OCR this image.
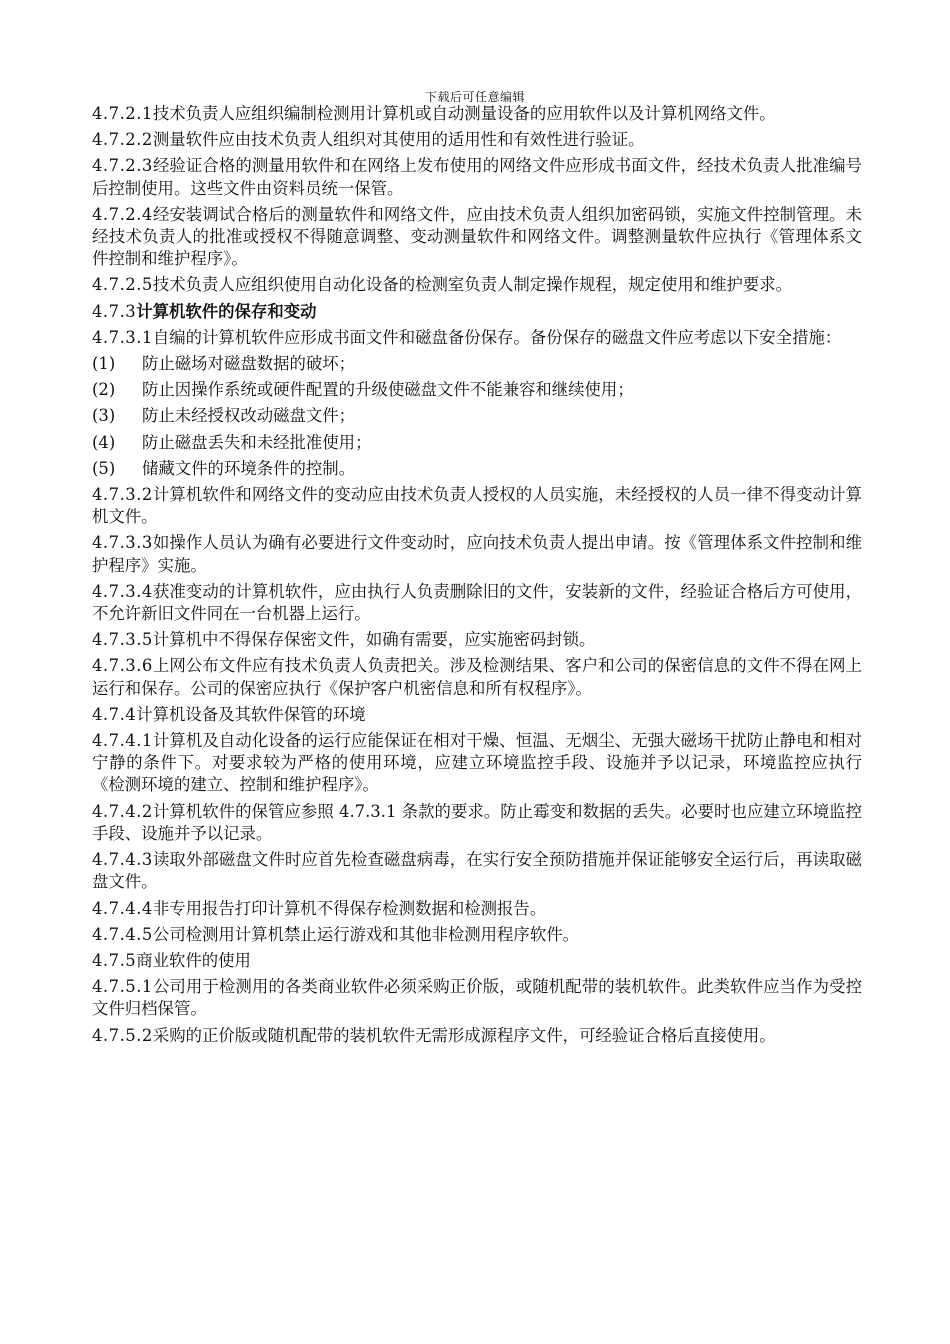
下载后可任意编辑

4.7.2.1技术负责人应组织编制检测用计算机或自动测量设备的应用软件以及计算机网络文件。

4.7.2.2测量软件应由技术负责人组织对其使用的适用性和有效性进行验证。

4.7.2.3经验证合格的测量用软件和在网络上发布使用的网络文件应形成书面文件，经技术负责人批准编号后控制使用。这些文件由资料员统一保管。

4.7.2.4经安装调试合格后的测量软件和网络文件，应由技术负责人组织加密码锁，实施文件控制管理。未经技术负责人的批准或授权不得随意调整、变动测量软件和网络文件。调整测量软件应执行《管理体系文件控制和维护程序》。

4.7.2.5技术负责人应组织使用自动化设备的检测室负责人制定操作规程，规定使用和维护要求。

4.7.3计算机软件的保存和变动

4.7.3.1自编的计算机软件应形成书面文件和磁盘备份保存。备份保存的磁盘文件应考虑以下安全措施：

(1)	防止磁场对磁盘数据的破坏；
(2)	防止因操作系统或硬件配置的升级使磁盘文件不能兼容和继续使用；
(3)	防止未经授权改动磁盘文件；
(4)	防止磁盘丢失和未经批准使用；
(5)	储藏文件的环境条件的控制。

4.7.3.2计算机软件和网络文件的变动应由技术负责人授权的人员实施，未经授权的人员一律不得变动计算机文件。

4.7.3.3如操作人员认为确有必要进行文件变动时，应向技术负责人提出申请。按《管理体系文件控制和维护程序》实施。

4.7.3.4获准变动的计算机软件，应由执行人负责删除旧的文件，安装新的文件，经验证合格后方可使用，不允许新旧文件同在一台机器上运行。

4.7.3.5计算机中不得保存保密文件，如确有需要，应实施密码封锁。

4.7.3.6上网公布文件应有技术负责人负责把关。涉及检测结果、客户和公司的保密信息的文件不得在网上运行和保存。公司的保密应执行《保护客户机密信息和所有权程序》。

4.7.4计算机设备及其软件保管的环境

4.7.4.1计算机及自动化设备的运行应能保证在相对干燥、恒温、无烟尘、无强大磁场干扰防止静电和相对宁静的条件下。对要求较为严格的使用环境，应建立环境监控手段、设施并予以记录，环境监控应执行《检测环境的建立、控制和维护程序》。

4.7.4.2计算机软件的保管应参照 4.7.3.1 条款的要求。防止霉变和数据的丢失。必要时也应建立环境监控手段、设施并予以记录。

4.7.4.3读取外部磁盘文件时应首先检查磁盘病毒，在实行安全预防措施并保证能够安全运行后，再读取磁盘文件。

4.7.4.4非专用报告打印计算机不得保存检测数据和检测报告。

4.7.4.5公司检测用计算机禁止运行游戏和其他非检测用程序软件。

4.7.5商业软件的使用

4.7.5.1公司用于检测用的各类商业软件必须采购正价版，或随机配带的装机软件。此类软件应当作为受控文件归档保管。

4.7.5.2采购的正价版或随机配带的装机软件无需形成源程序文件，可经验证合格后直接使用。
